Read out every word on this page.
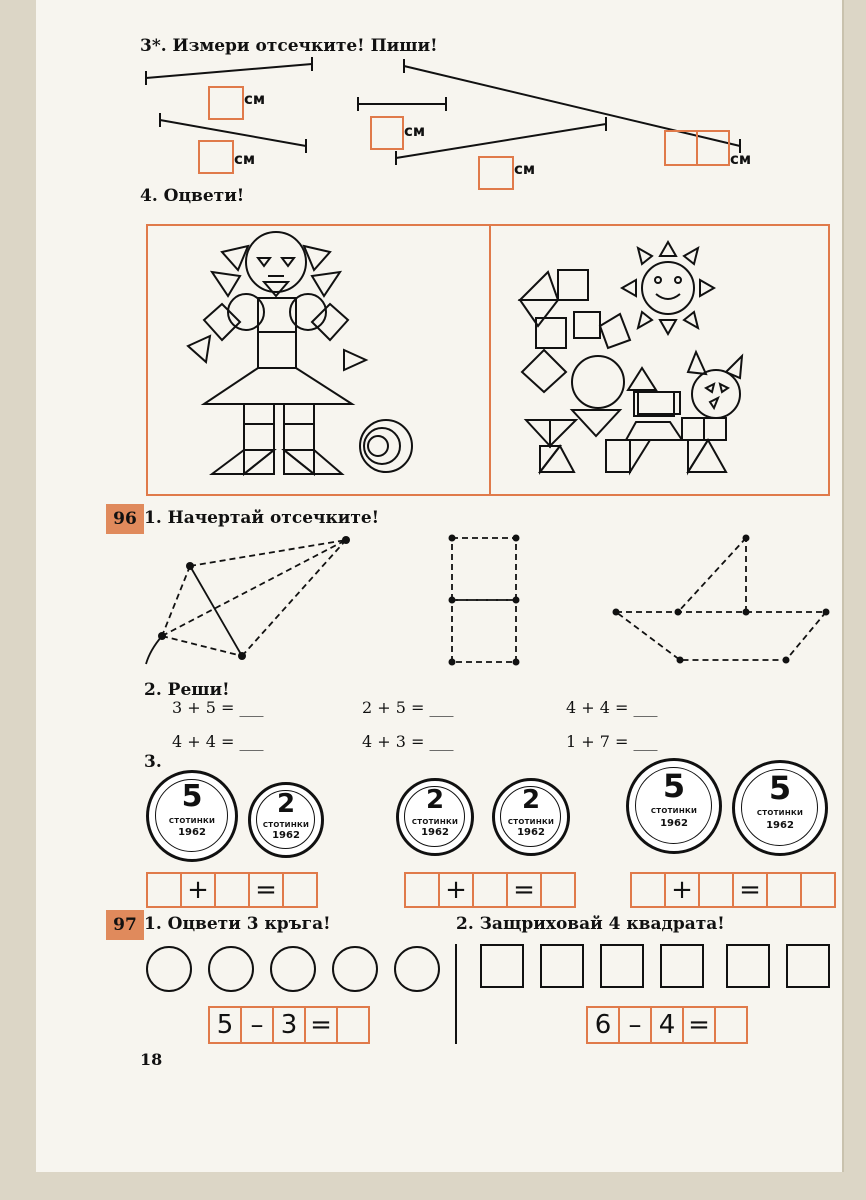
3*. Измери отсечките! Пиши!
см
см
см
см
см
4. Оцвети!
96 1. Начертай отсечките!
2. Реши!
3 + 5 = ___	2 + 5 = ___	4 + 4 = ___
4 + 4 = ___	4 + 3 = ___	1 + 7 = ___
3.
5
СТОТИНКИ
1962
2
СТОТИНКИ
1962
2
СТОТИНКИ
1962
2
СТОТИНКИ
1962
5
СТОТИНКИ
1962
5
СТОТИНКИ
1962
+ =	+ =	+ =
97 1. Оцвети 3 кръга!	2. Защриховай 4 квадрата!
5 – 3 =	6 – 4 =
18
